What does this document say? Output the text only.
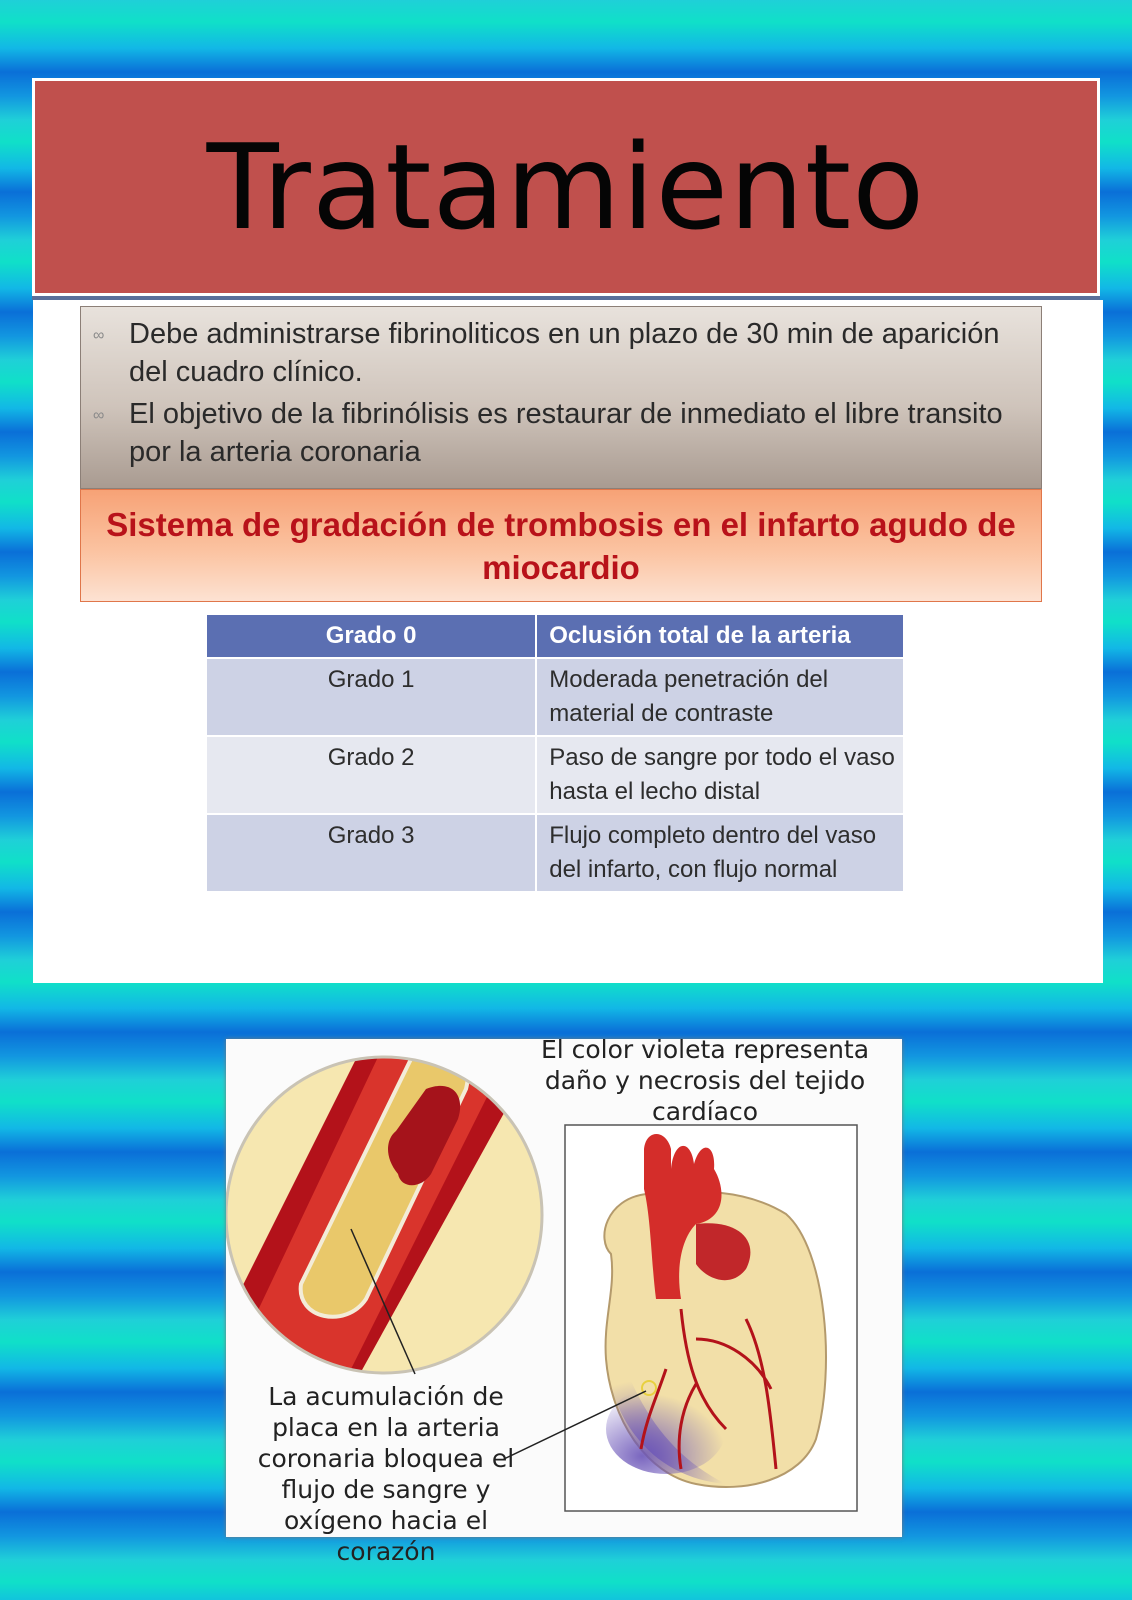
Tratamiento
∞ Debe administrarse fibrinoliticos en un plazo de 30 min de aparición del cuadro clínico.
∞ El objetivo de la fibrinólisis es restaurar de inmediato el libre transito por la arteria coronaria
Sistema de gradación de trombosis en el infarto agudo de miocardio
Grado 0	Oclusión total de la arteria
Grado 1	Moderada penetración del material de contraste
Grado 2	Paso de sangre por todo el vaso hasta el lecho distal
Grado 3	Flujo completo dentro del vaso del infarto, con flujo normal
El color violeta representa daño y necrosis del tejido cardíaco
La acumulación de placa en la arteria coronaria bloquea el flujo de sangre y oxígeno hacia el corazón
